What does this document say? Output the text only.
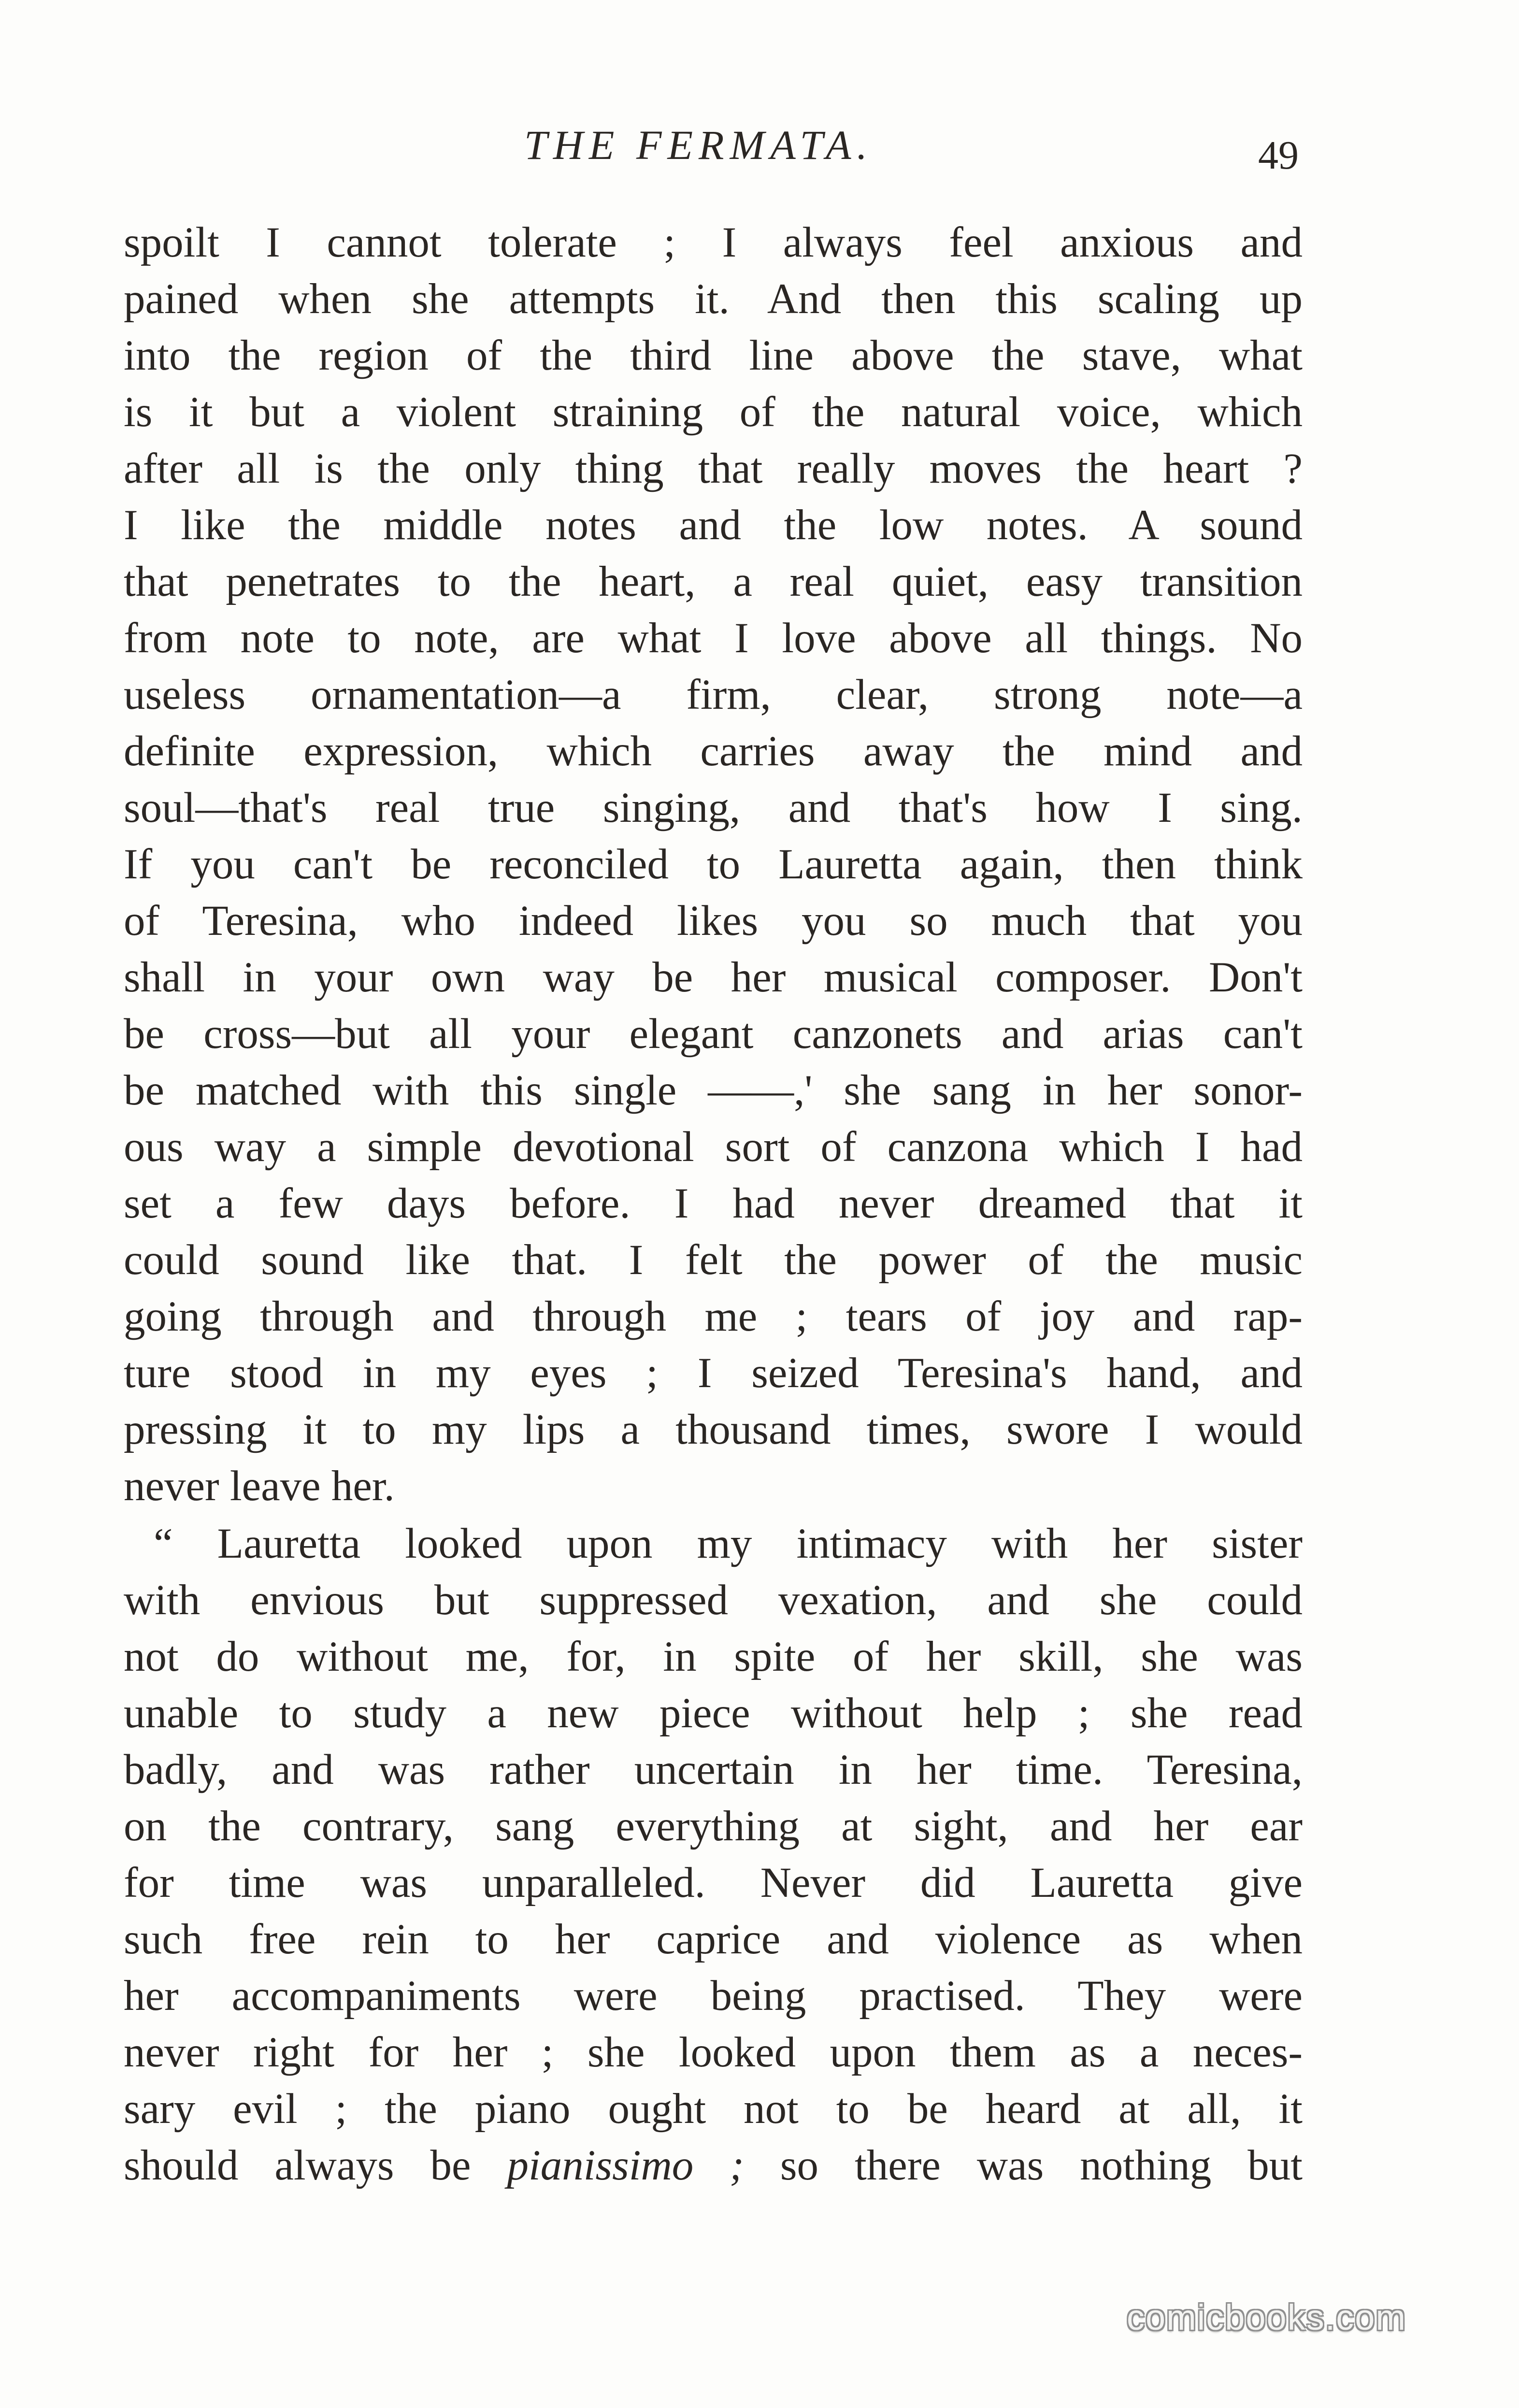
THE FERMATA.	49
spoilt I cannot tolerate ; I always feel anxious and
pained when she attempts it. And then this scaling up
into the region of the third line above the stave, what
is it but a violent straining of the natural voice, which
after all is the only thing that really moves the heart ?
I like the middle notes and the low notes. A sound
that penetrates to the heart, a real quiet, easy transition
from note to note, are what I love above all things. No
useless ornamentation—a firm, clear, strong note—a
definite expression, which carries away the mind and
soul—that's real true singing, and that's how I sing.
If you can't be reconciled to Lauretta again, then think
of Teresina, who indeed likes you so much that you
shall in your own way be her musical composer. Don't
be cross—but all your elegant canzonets and arias can't
be matched with this single ——,' she sang in her sonor-
ous way a simple devotional sort of canzona which I had
set a few days before. I had never dreamed that it
could sound like that. I felt the power of the music
going through and through me ; tears of joy and rap-
ture stood in my eyes ; I seized Teresina's hand, and
pressing it to my lips a thousand times, swore I would
never leave her.
“ Lauretta looked upon my intimacy with her sister
with envious but suppressed vexation, and she could
not do without me, for, in spite of her skill, she was
unable to study a new piece without help ; she read
badly, and was rather uncertain in her time. Teresina,
on the contrary, sang everything at sight, and her ear
for time was unparalleled. Never did Lauretta give
such free rein to her caprice and violence as when
her accompaniments were being practised. They were
never right for her ; she looked upon them as a neces-
sary evil ; the piano ought not to be heard at all, it
should always be pianissimo ; so there was nothing but
comicbooks.com
